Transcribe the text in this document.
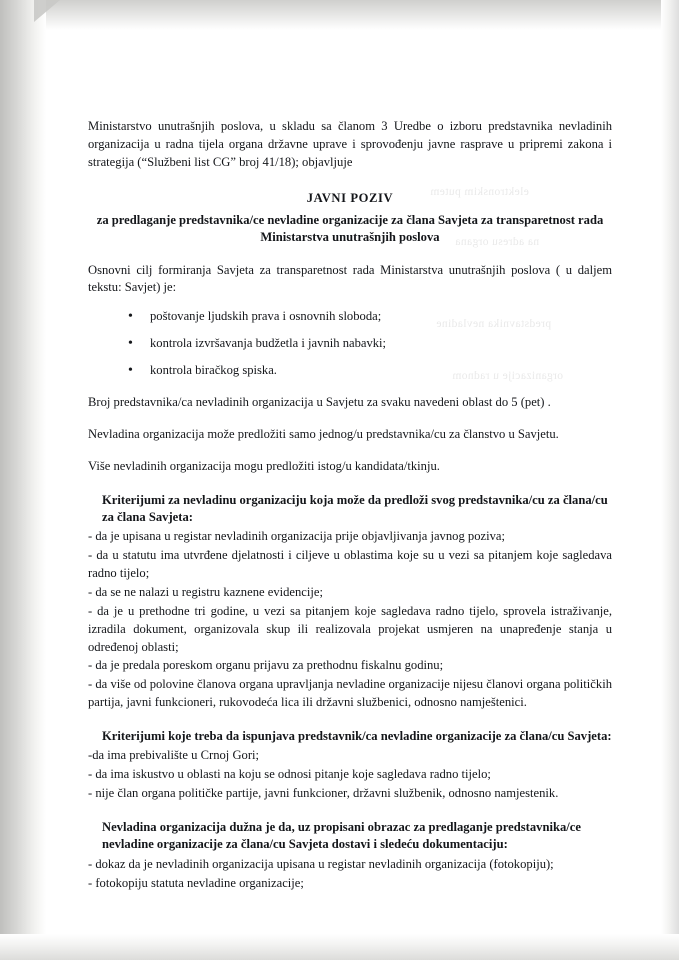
elektronskim putem
na adresu organa
predstavnika nevladine
organizacije u radnom

Ministarstvo unutrašnjih poslova, u skladu sa članom 3 Uredbe o izboru predstavnika nevladinih organizacija u radna tijela organa državne uprave i sprovođenju javne rasprave u pripremi zakona i strategija (“Službeni list CG” broj 41/18); objavljuje

JAVNI POZIV
za predlaganje predstavnika/ce nevladine organizacije za člana Savjeta za transparetnost rada Ministarstva unutrašnjih poslova

Osnovni cilj formiranja Savjeta za transparetnost rada Ministarstva unutrašnjih poslova ( u daljem tekstu: Savjet) je:

• poštovanje ljudskih prava i osnovnih sloboda;
• kontrola izvršavanja budžetla i javnih nabavki;
• kontrola biračkog spiska.

Broj predstavnika/ca nevladinih organizacija u Savjetu za svaku navedeni oblast do 5 (pet) .

Nevladina organizacija može predložiti samo jednog/u predstavnika/cu za članstvo u Savjetu.

Više nevladinih organizacija mogu predložiti istog/u kandidata/tkinju.

Kriterijumi za nevladinu organizaciju koja može da predloži svog predstavnika/cu za člana/cu za člana Savjeta:

- da je upisana u registar nevladinih organizacija prije objavljivanja javnog poziva;

- da u statutu ima utvrđene djelatnosti i ciljeve u oblastima koje su u vezi sa pitanjem koje sagledava radno tijelo;

- da se ne nalazi u registru kaznene evidencije;

- da je u prethodne tri godine, u vezi sa pitanjem koje sagledava radno tijelo, sprovela istraživanje, izradila dokument, organizovala skup ili realizovala projekat usmjeren na unapređenje stanja u određenoj oblasti;

- da je predala poreskom organu prijavu za prethodnu fiskalnu godinu;

- da više od polovine članova organa upravljanja nevladine organizacije nijesu članovi organa političkih partija, javni funkcioneri, rukovodeća lica ili državni službenici, odnosno namještenici.

Kriterijumi koje treba da ispunjava predstavnik/ca nevladine organizacije za člana/cu Savjeta:

-da ima prebivalište u Crnoj Gori;

- da ima iskustvo u oblasti na koju se odnosi pitanje koje sagledava radno tijelo;

- nije član organa političke partije, javni funkcioner, državni službenik, odnosno namjestenik.

Nevladina organizacija dužna je da, uz propisani obrazac za predlaganje predstavnika/ce nevladine organizacije za člana/cu Savjeta dostavi i sledeću dokumentaciju:

- dokaz da je nevladinih organizacija upisana u registar nevladinih organizacija (fotokopiju);

- fotokopiju statuta nevladine organizacije;
